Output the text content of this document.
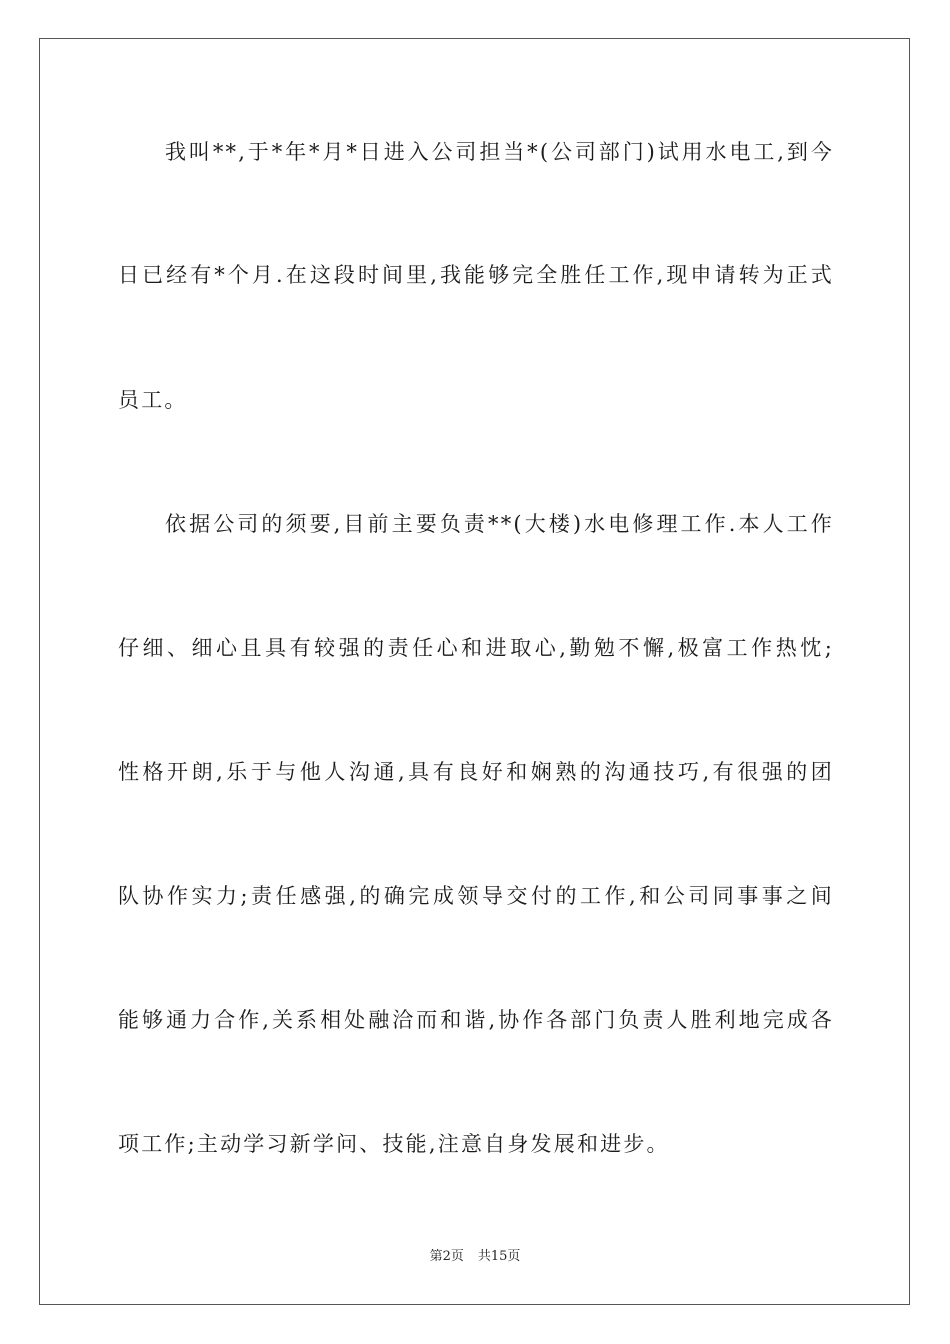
我叫**,于*年*月*日进入公司担当*(公司部门)试用水电工,到今
日已经有*个月.在这段时间里,我能够完全胜任工作,现申请转为正式
员工。
依据公司的须要,目前主要负责**(大楼)水电修理工作.本人工作
仔细、细心且具有较强的责任心和进取心,勤勉不懈,极富工作热忱;
性格开朗,乐于与他人沟通,具有良好和娴熟的沟通技巧,有很强的团
队协作实力;责任感强,的确完成领导交付的工作,和公司同事事之间
能够通力合作,关系相处融洽而和谐,协作各部门负责人胜利地完成各
项工作;主动学习新学问、技能,注意自身发展和进步。
第2页 共15页
